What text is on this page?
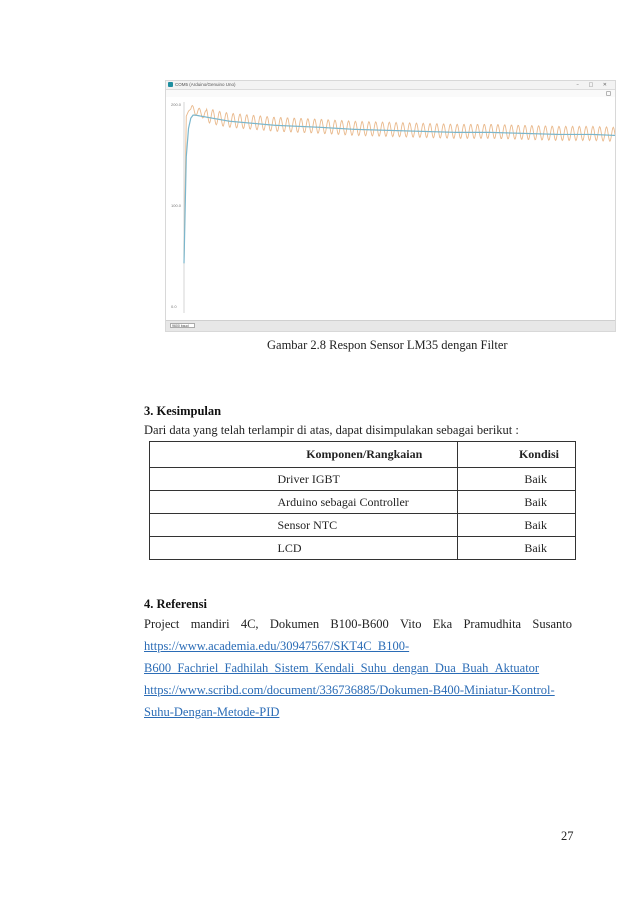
COM5 (Arduino/Genuino Uno)	– □ ✕
200.0
100.0
0.0
9600 baud
Gambar 2.8 Respon Sensor LM35 dengan Filter
3. Kesimpulan
Dari data yang telah terlampir di atas, dapat disimpulakan sebagai berikut :
	Komponen/Rangkaian	Kondisi
	Driver IGBT	Baik
	Arduino sebagai Controller	Baik
	Sensor NTC	Baik
	LCD	Baik
4. Referensi
Project mandiri 4C, Dokumen B100-B600 Vito Eka Pramudhita Susanto
https://www.academia.edu/30947567/SKT4C_B100-
B600_Fachriel_Fadhilah_Sistem_Kendali_Suhu_dengan_Dua_Buah_Aktuator
https://www.scribd.com/document/336736885/Dokumen-B400-Miniatur-Kontrol-
Suhu-Dengan-Metode-PID
27
